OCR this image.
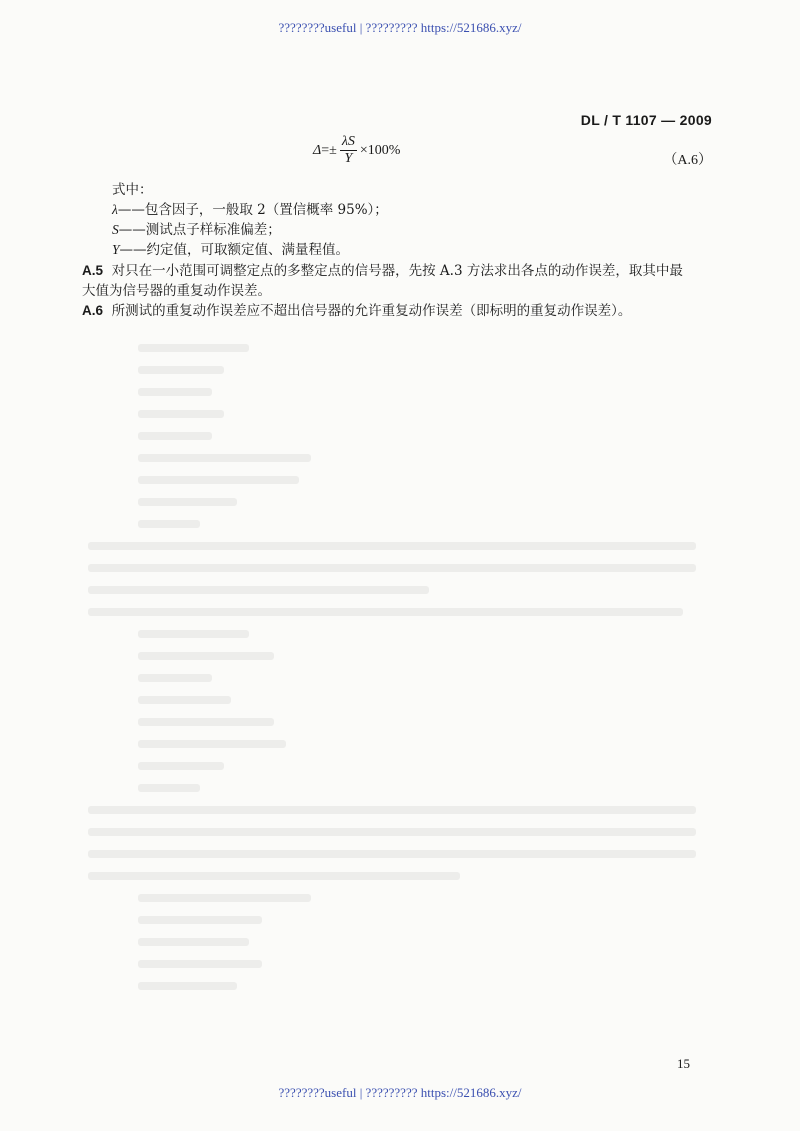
????????useful | ????????? https://521686.xyz/
DL / T 1107 — 2009
Δ = ± $\frac{\lambda S}{Y} \times 100\%$
（A.6）
式中：
λ——包含因子，一般取 2（置信概率 95%）；
S——测试点子样标准偏差；
Y——约定值，可取额定值、满量程值。
A.5 对只在一小范围可调整定点的多整定点的信号器，先按 A.3 方法求出各点的动作误差，取其中最
大值为信号器的重复动作误差。
A.6 所测试的重复动作误差应不超出信号器的允许重复动作误差（即标明的重复动作误差）。
15
????????useful | ????????? https://521686.xyz/
